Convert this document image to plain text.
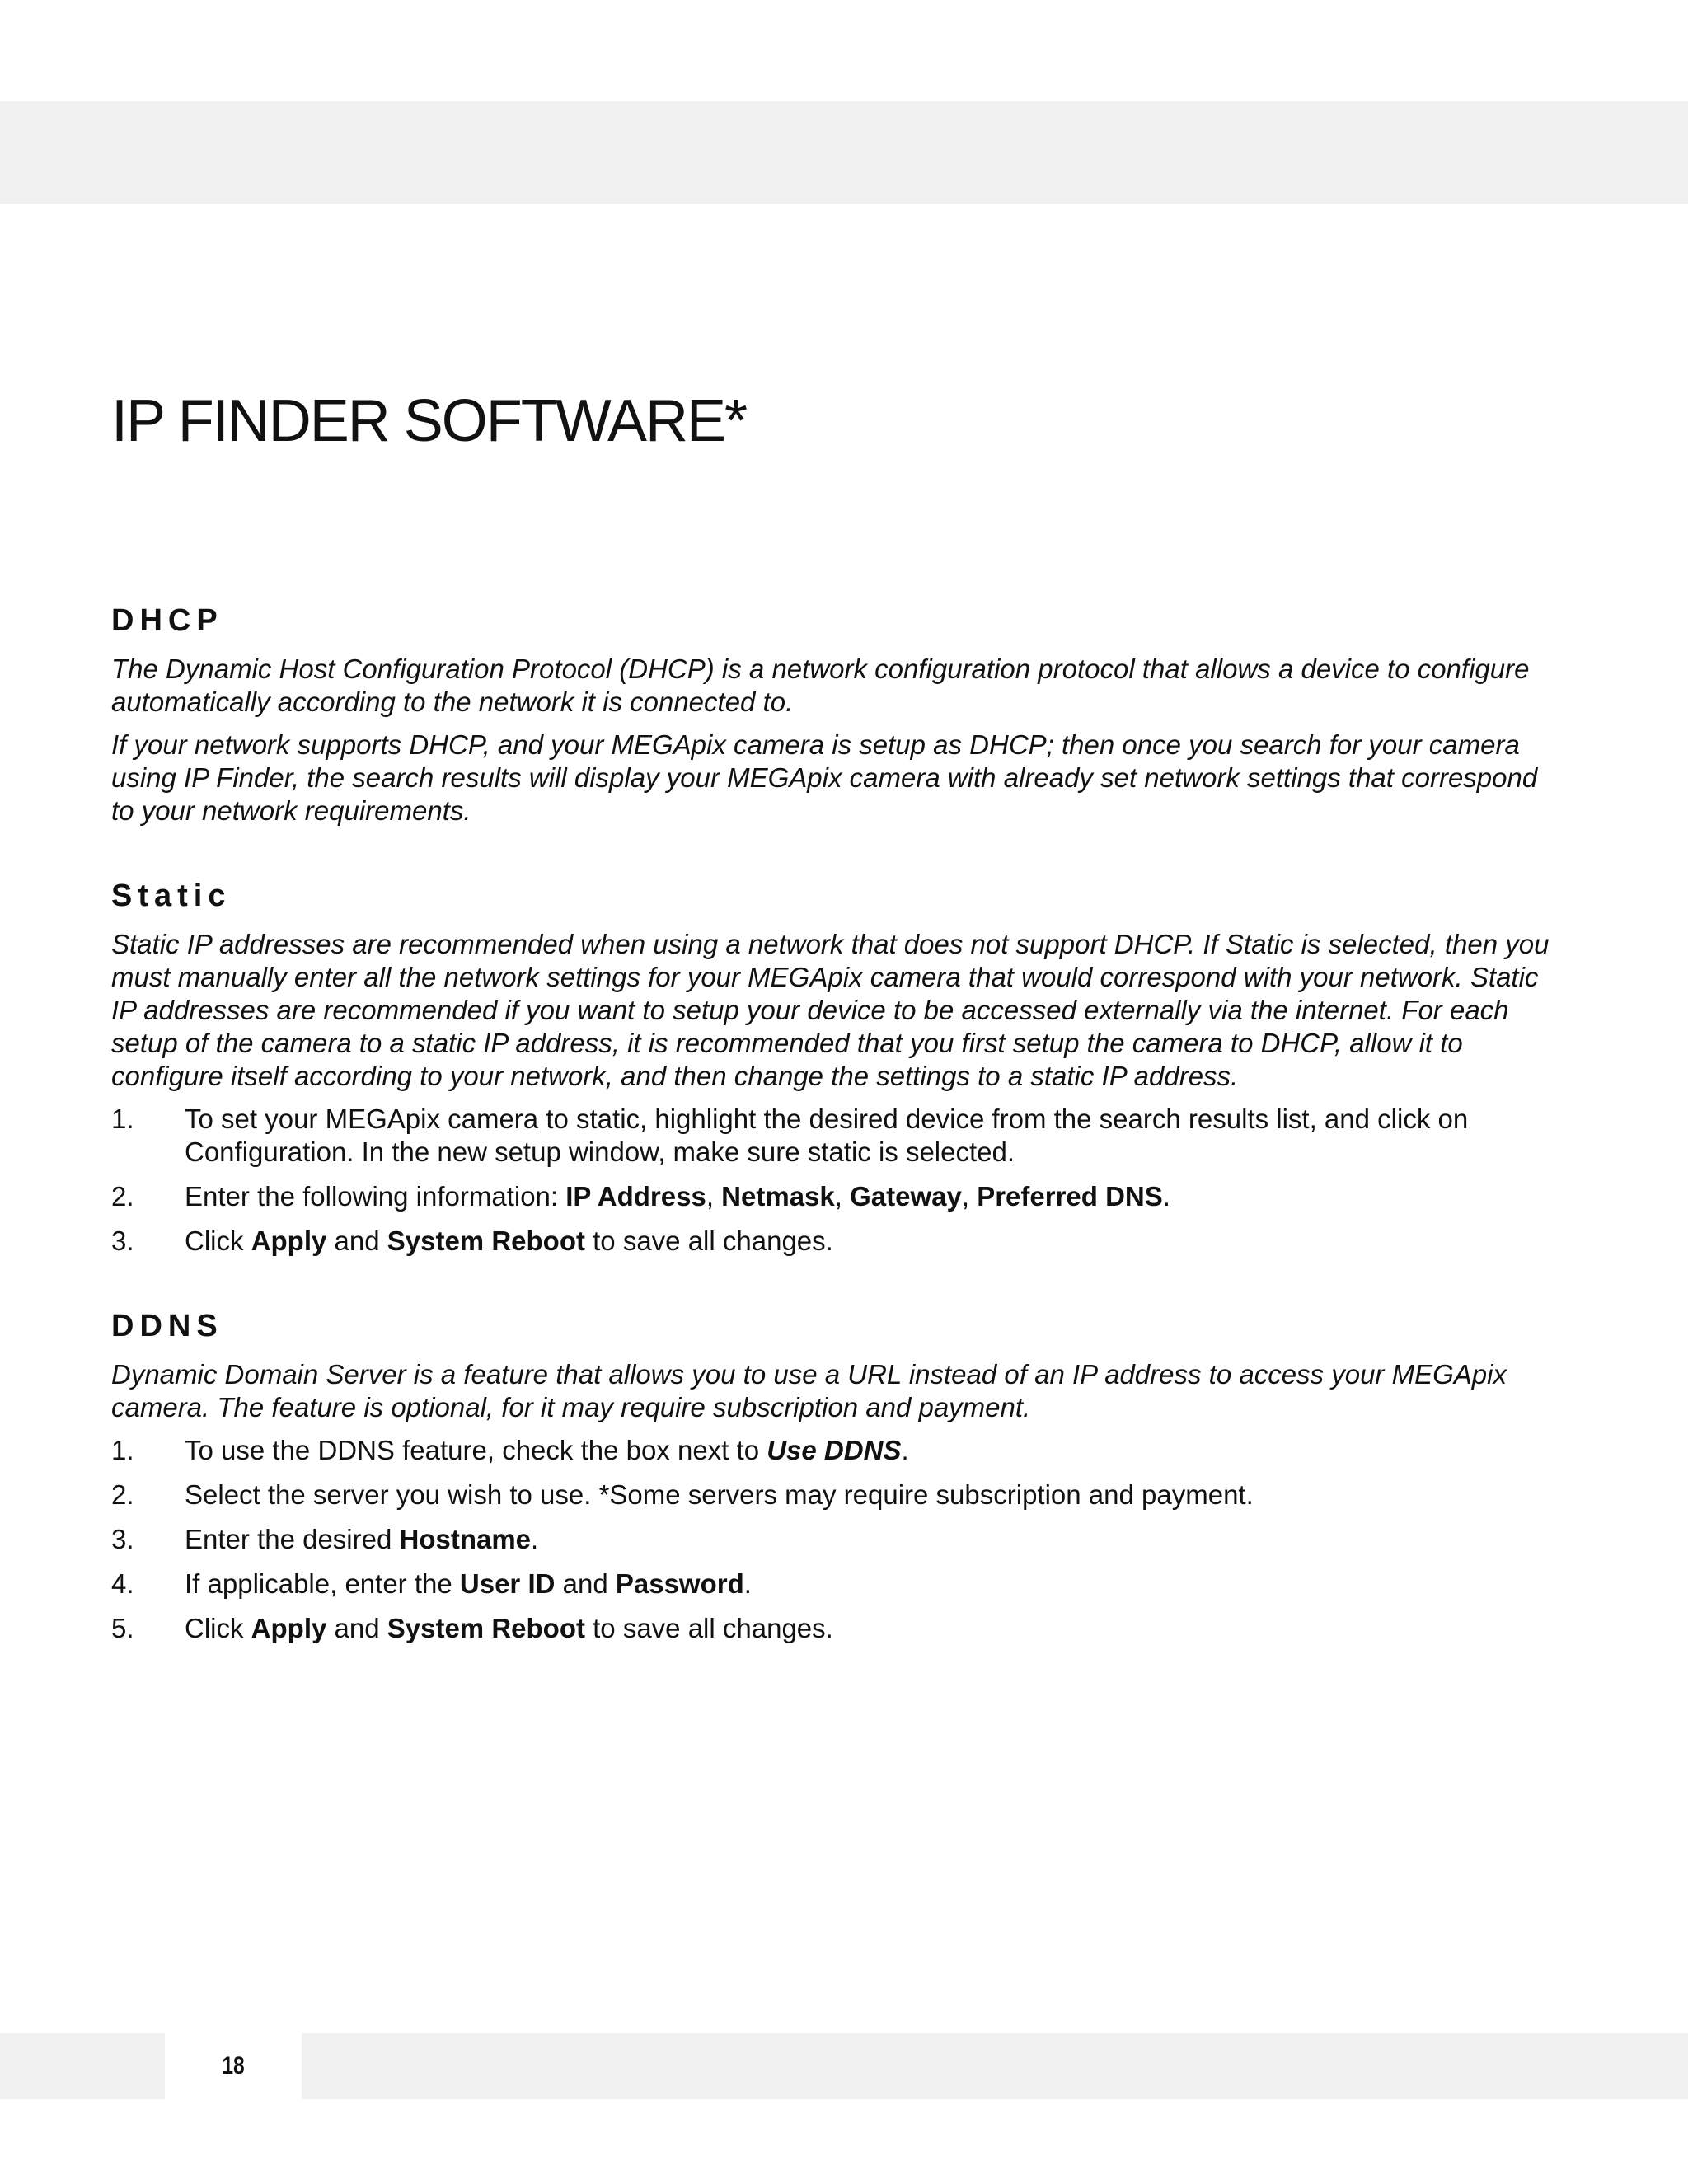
IP FINDER SOFTWARE*
DHCP

The Dynamic Host Configuration Protocol (DHCP) is a network configuration protocol that allows a device to configure automatically according to the network it is connected to.

If your network supports DHCP, and your MEGApix camera is setup as DHCP; then once you search for your camera using IP Finder, the search results will display your MEGApix camera with already set network settings that correspond to your network requirements.

Static

Static IP addresses are recommended when using a network that does not support DHCP. If Static is selected, then you must manually enter all the network settings for your MEGApix camera that would correspond with your network. Static IP addresses are recommended if you want to setup your device to be accessed externally via the internet. For each setup of the camera to a static IP address, it is recommended that you first setup the camera to DHCP, allow it to configure itself according to your network, and then change the settings to a static IP address.

1.	To set your MEGApix camera to static, highlight the desired device from the search results list, and click on Configuration. In the new setup window, make sure static is selected.
2.	Enter the following information: IP Address, Netmask, Gateway, Preferred DNS.
3.	Click Apply and System Reboot to save all changes.
DDNS

Dynamic Domain Server is a feature that allows you to use a URL instead of an IP address to access your MEGApix camera. The feature is optional, for it may require subscription and payment.

1.	To use the DDNS feature, check the box next to Use DDNS.
2.	Select the server you wish to use. *Some servers may require subscription and payment.
3.	Enter the desired Hostname.
4.	If applicable, enter the User ID and Password.
5.	Click Apply and System Reboot to save all changes.
18
